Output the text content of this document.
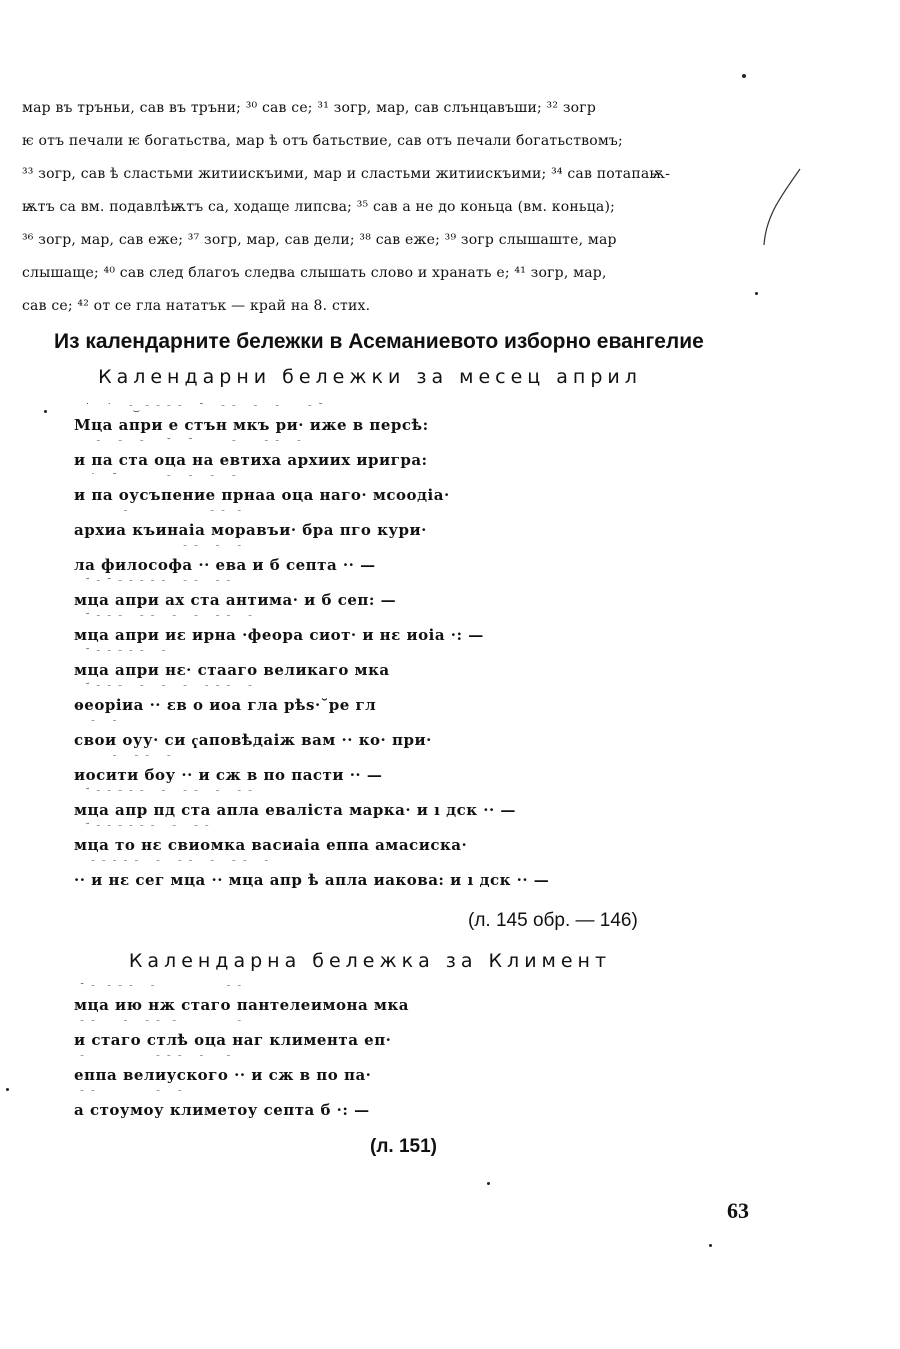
мар въ тръньи, сав въ тръни; ³⁰ сав се; ³¹ зогр, мар, сав слънцавъши; ³² зогр
ѥ отъ печали ѥ богатьства, мар ѣ отъ батьствие, сав отъ печали богатьствомъ;
³³ зогр, сав ѣ сластьми житиискъими, мар и сластьми житиискъими; ³⁴ сав потапаѭ-
ѭтъ са вм. подавлѣѭтъ са, ходаще липсва; ³⁵ сав а не до коньца (вм. коньца);
³⁶ зогр, мар, сав еже; ³⁷ зогр, мар, сав дели; ³⁸ сав еже; ³⁹ зогр слышаште, мар
слышаще; ⁴⁰ сав след благоъ следва слышать слово и хранать е; ⁴¹ зогр, мар,
сав се; ⁴² от се гла нататък — край на 8. стих.
Из календарните бележки в Асеманиевото изборно евангелие
Календарни бележки за месец април
˙   ˙   ⁻‿ ⁻ ⁻ ⁻ ⁻   ˘   ⁻ ⁻   ⁻   ⁻     ⁻ ˘
Мца апри е стън мкъ ри· иже в персѣ:
⁻   ⁻   ⁻    ˘   ˘       ⁻     ⁻ ⁻   ⁻
и па ста оца на евтиха архиих иригра:
˙   ˘         ⁻   ⁻   ⁻   ⁻
и па оусъпение прнаа оца наго· мсоодіа·
⁻               ⁻ ⁻  ⁻
архиа къинаіа моравъи· бра пго кури·
⁻ ⁻   ⁻   ⁻
ла философа ·· ева и б септа ·· —
˘ ⁻ ˘ ⁻ ⁻ ⁻ ⁻ ⁻   ⁻ ⁻   ⁻ ⁻
мца апри ах ста антима· и б сеп: —
˘ ⁻ ⁻ ⁻   ⁻ ⁻   ⁻   ⁻   ⁻ ⁻   ⁻
мца апри иε ирна ·феора сиот· и нε иоіа ·: —
˘ ⁻ ⁻ ⁻ ⁻ ⁻   ⁻
мца апри нε· стааго великаго мка
˘ ⁻ ⁻ ⁻   ⁻   ⁻   ⁻   ⁻ ⁻ ⁻   ⁻
ѳеоріиа ·· εв о иоа гла рѣѕ·˘ре гл
⁻   ⁻
свои оуу· си ҁаповѣдаіж вам ·· ко· при·
⁻   ⁻ ⁻   ⁻
иосити боу ·· и сж в по пасти ·· —
˘ ⁻ ⁻ ⁻ ⁻ ⁻   ⁻   ⁻ ⁻   ⁻   ⁻ ⁻
мца апр пд ста апла еваліста марка· и ı дск ·· —
˘ ⁻ ⁻ ⁻ ⁻ ⁻ ⁻   ⁻   ⁻ ⁻
мца то нε свиомка васиаіа еппа амасиска·
⁻ ⁻ ⁻ ⁻ ⁻   ⁻   ⁻ ⁻   ⁻   ⁻ ⁻   ⁻
·· и нε сег мца ·· мца апр ѣ апла иакова: и ı дск ·· —
(л. 145 обр. — 146)
Календарна бележка за Климент
˘ ⁻  ⁻ ⁻ ⁻   ⁻             ⁻ ⁻
мца ию нж стаго пантелеимона мка
⁻ ⁻     ⁻   ⁻ ⁻  ⁻           ⁻
и стаго стлѣ оца наг климента еп·
⁻             ⁻ ⁻ ⁻   ⁻    ⁻
еппа велиуского ·· и сж в по па·
⁻ ⁻           ⁻   ⁻
а стоумоу климетоу септа б ·: —
(л. 151)
63
